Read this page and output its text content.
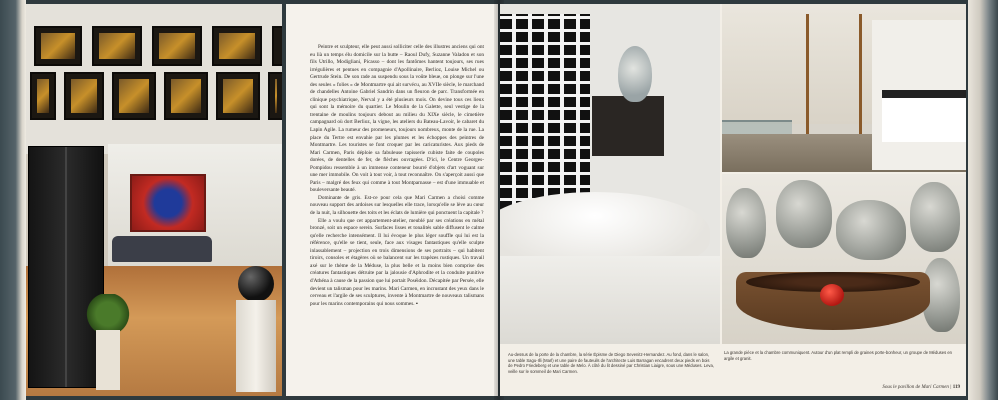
Peintre et sculpteur, elle peut aussi solliciter celle des illustres anciens qui ont eu lià un temps élu domicile sur la butte – Raoul Dufy, Suzanne Valadon et son fils Utrillo, Modigliani, Picasso – dont les fantômes hantent toujours, ses rues irrégulières et pentues en compagnie d'Apollinaire, Berlioz, Louise Michel ou Gertrude Stein. De son rade au suspendu sous la voûte bleue, on plonge sur l'une des seules « folies » de Montmartre qui ait survécu, au XVIIe siècle, le marchand de chandelles Antoine Gabriel Sandrin dans un fleuron de parc. Transformée en clinique psychiatrique, Nerval y a été plusieurs mois. On devine tous ces lieux qui sont la mémoire du quartier. Le Moulin de la Galette, seul vestige de la trentaine de moulins toujours debout au milieu du XIXe siècle, le cimetière campagnard où dort Berlioz, la vigne, les ateliers du Bateau-Lavoir, le cabaret du Lapin Agile. La rumeur des promeneurs, toujours nombreux, monte de la rue. La place du Tertre est envahie par les plumes et les échoppes des peintres de Montmartre. Les touristes se font croquer par les caricaturistes. Aux pieds de Mari Carmen, Paris déploie sa fabuleuse tapisserie cubiste faite de coupoles dorées, de dentelles de fer, de flèches ouvragées. D'ici, le Centre Georges-Pompidou ressemble à un immense conteneur bourré d'objets d'art voguant sur une mer immobile. On voit à tout voir, à tout reconnaître. On s'aperçoit aussi que Paris – malgré des feux qui comme à tout Montparnasse – est d'une immuable et bouleversante beauté.

Dominante de gris. Est-ce pour cela que Mari Carmen a choisi comme nouveau support des ardoises sur lesquelles elle trace, lorsqu'elle se lève au cœur de la nuit, la silhouette des toits et les éclats de lumière qui ponctuent la capitale ?

Elle a voulu que cet appartement-atelier, meublé par ses créations en métal bronzé, soit un espace serein. Surfaces lisses et tonalités sable diffusent le calme qu'elle recherche intensément. Il lui évoque le plus léger souffle qui lui est la référence, qu'elle se tient, seule, face aux visages fantastiques qu'elle sculpte inlassablement – projection en trois dimensions de ses portraits – qui habitent tiroirs, consoles et étagères où se balancent sur les trapèzes rustiques. Un travail axé sur le thème de la Méduse, la plus belle et la moins bien comprise des créatures fantastiques détruite par la jalousie d'Aphrodite et la conduite punitive d'Athéna à cause de la passion que lui portait Poséidon. Décapitée par Persée, elle devient un talisman pour les marins. Mari Carmen, en incrustant des yeux dans le cerveau et l'argile de ses sculptures, invente à Montmartre de nouveaux talismans pour les marins contemporains qui nous sommes. ▪

Au-dessus de la porte de la chambre, la série Épisme de Diego Sevenitz-Hernandez. Au fond, dans le salon, une table Sagu-Illi (Marl) et une paire de fauteuils de l'architecte Luis Barragan encadrent deux pieds en bois de Pedro Friedeberg et une table de Melo. À côté du lit dessiné par Christian Liaigre, sous une Méduses. Leva, veille sur le sommeil de Mari Carmen.
La grande pièce et la chambre communiquent. Autour d'un plat rempli de graines porte-bonheur, un groupe de Méduses en argile et granit.
Sous le pavillon de Mari Carmen | 119
